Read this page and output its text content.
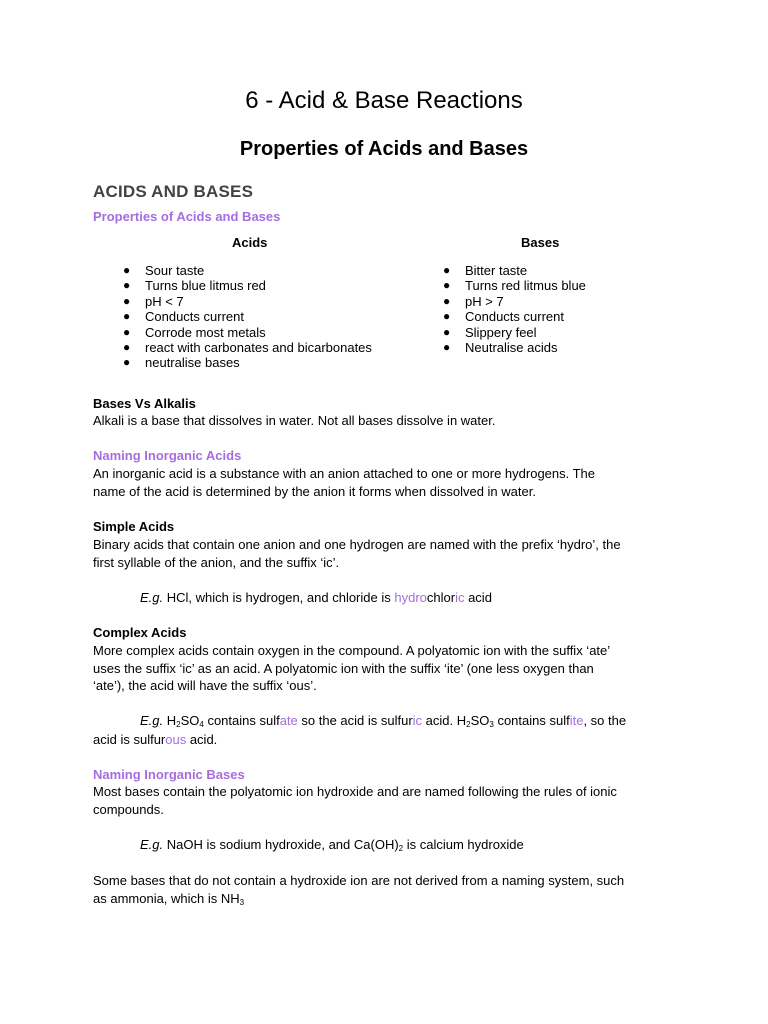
6 - Acid & Base Reactions
Properties of Acids and Bases
ACIDS AND BASES
Properties of Acids and Bases
Acids	Bases
● Sour taste
● Turns blue litmus red
● pH < 7
● Conducts current
● Corrode most metals
● react with carbonates and bicarbonates
● neutralise bases
● Bitter taste
● Turns red litmus blue
● pH > 7
● Conducts current
● Slippery feel
● Neutralise acids
Bases Vs Alkalis
Alkali is a base that dissolves in water. Not all bases dissolve in water.
Naming Inorganic Acids
An inorganic acid is a substance with an anion attached to one or more hydrogens. The
name of the acid is determined by the anion it forms when dissolved in water.
Simple Acids
Binary acids that contain one anion and one hydrogen are named with the prefix ‘hydro’, the
first syllable of the anion, and the suffix ‘ic’.
E.g. HCl, which is hydrogen, and chloride is hydrochloric acid
Complex Acids
More complex acids contain oxygen in the compound. A polyatomic ion with the suffix ‘ate’
uses the suffix ‘ic’ as an acid. A polyatomic ion with the suffix ‘ite’ (one less oxygen than
‘ate’), the acid will have the suffix ‘ous’.
E.g. $H_2SO_4$ contains sulfate so the acid is sulfuric acid. $H_2SO_3$ contains sulfite, so the
acid is sulfurous acid.
Naming Inorganic Bases
Most bases contain the polyatomic ion hydroxide and are named following the rules of ionic
compounds.
E.g. NaOH is sodium hydroxide, and $Ca(OH)_2$ is calcium hydroxide
Some bases that do not contain a hydroxide ion are not derived from a naming system, such
as ammonia, which is $NH_3$
